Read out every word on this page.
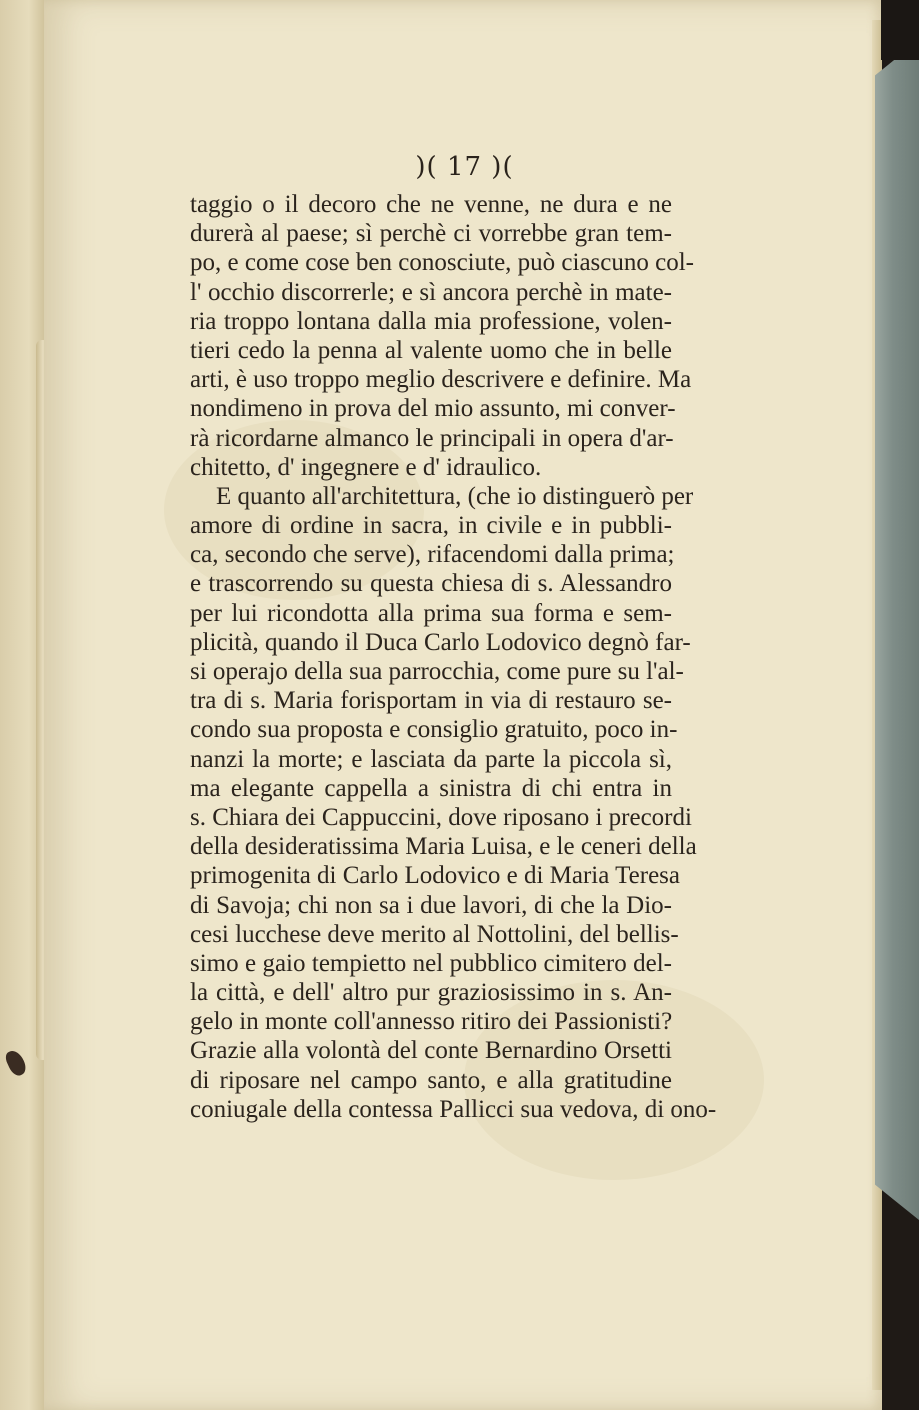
)( 17 )(
taggio o il decoro che ne venne, ne dura e ne
durerà al paese; sì perchè ci vorrebbe gran tem-
po, e come cose ben conosciute, può ciascuno col-
l' occhio discorrerle; e sì ancora perchè in mate-
ria troppo lontana dalla mia professione, volen-
tieri cedo la penna al valente uomo che in belle
arti, è uso troppo meglio descrivere e definire. Ma
nondimeno in prova del mio assunto, mi conver-
rà ricordarne almanco le principali in opera d'ar-
chitetto, d' ingegnere e d' idraulico.
E quanto all'architettura, (che io distinguerò per
amore di ordine in sacra, in civile e in pubbli-
ca, secondo che serve), rifacendomi dalla prima;
e trascorrendo su questa chiesa di s. Alessandro
per lui ricondotta alla prima sua forma e sem-
plicità, quando il Duca Carlo Lodovico degnò far-
si operajo della sua parrocchia, come pure su l'al-
tra di s. Maria forisportam in via di restauro se-
condo sua proposta e consiglio gratuito, poco in-
nanzi la morte; e lasciata da parte la piccola sì,
ma elegante cappella a sinistra di chi entra in
s. Chiara dei Cappuccini, dove riposano i precordi
della desideratissima Maria Luisa, e le ceneri della
primogenita di Carlo Lodovico e di Maria Teresa
di Savoja; chi non sa i due lavori, di che la Dio-
cesi lucchese deve merito al Nottolini, del bellis-
simo e gaio tempietto nel pubblico cimitero del-
la città, e dell' altro pur graziosissimo in s. An-
gelo in monte coll'annesso ritiro dei Passionisti?
Grazie alla volontà del conte Bernardino Orsetti
di riposare nel campo santo, e alla gratitudine
coniugale della contessa Pallicci sua vedova, di ono-
